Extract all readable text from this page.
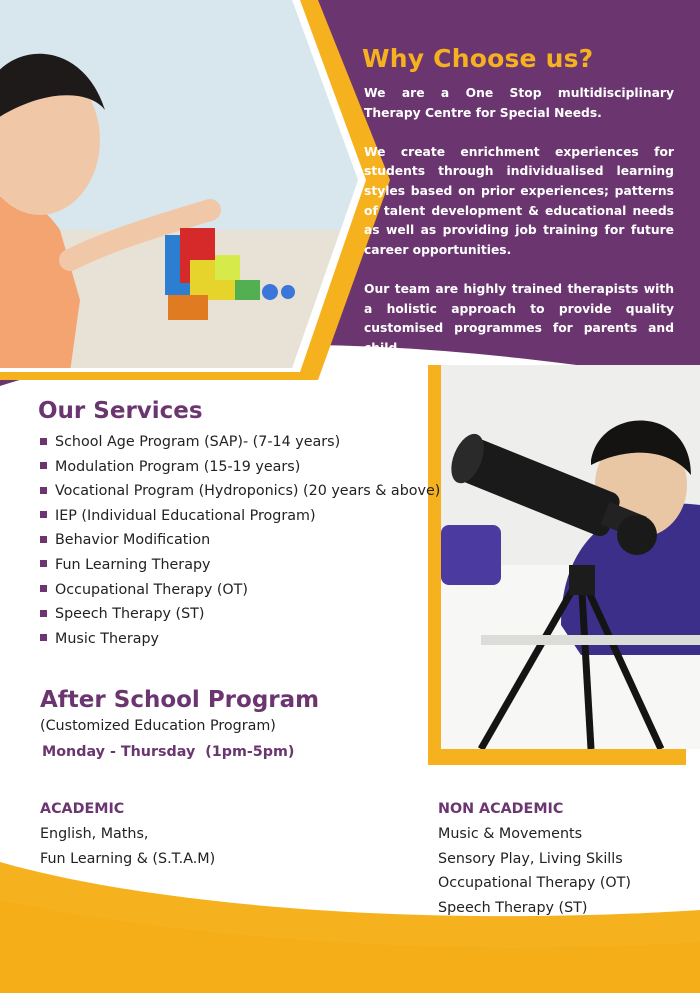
Why Choose us?

We are a One Stop multidisciplinary Therapy Centre for Special Needs.

We create enrichment experiences for students through individualised learning styles based on prior experiences; patterns of talent development & educational needs as well as providing job training for future career opportunities.

Our team are highly trained therapists with a holistic approach to provide quality customised programmes for parents and child.

Our Services
School Age Program (SAP)- (7-14 years)
Modulation Program (15-19 years)
Vocational Program (Hydroponics) (20 years & above)
IEP (Individual Educational Program)
Behavior Modification
Fun Learning Therapy
Occupational Therapy (OT)
Speech Therapy (ST)
Music Therapy
After School Program
(Customized Education Program)
Monday - Thursday  (1pm-5pm)
ACADEMIC
English, Maths,
Fun Learning & (S.T.A.M)
NON ACADEMIC
Music & Movements
Sensory Play, Living Skills
Occupational Therapy (OT)
Speech Therapy (ST)
